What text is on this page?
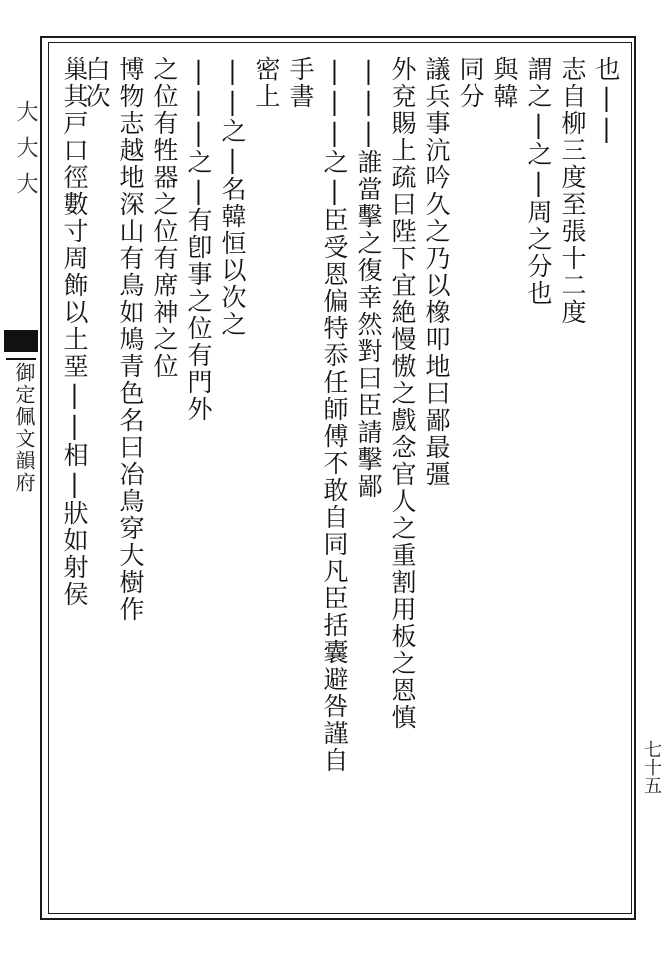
大大大
御定佩文韻府
也||
志自柳三度至張十二度
謂之|之|周之分也
與韓
同分
議兵事沆吟久之乃以橡叩地曰鄙最彊
外兗賜上疏曰陛下宜絶慢慠之戲念官人之重割用板之恩慎
|||誰當擊之復幸然對曰臣請擊鄙
|||之|臣受恩偏特忝任師傅不敢自同凡臣括囊避咎謹自
手書
密上
||之|名韓恒以次之
|||之|有卽事之位有門外
之位有牲器之位有席神之位
博物志越地深山有鳥如鳩青色名曰冶鳥穿大樹作
白次
巢其戸口徑數寸周飾以土堊||相|狀如射侯
七十五
